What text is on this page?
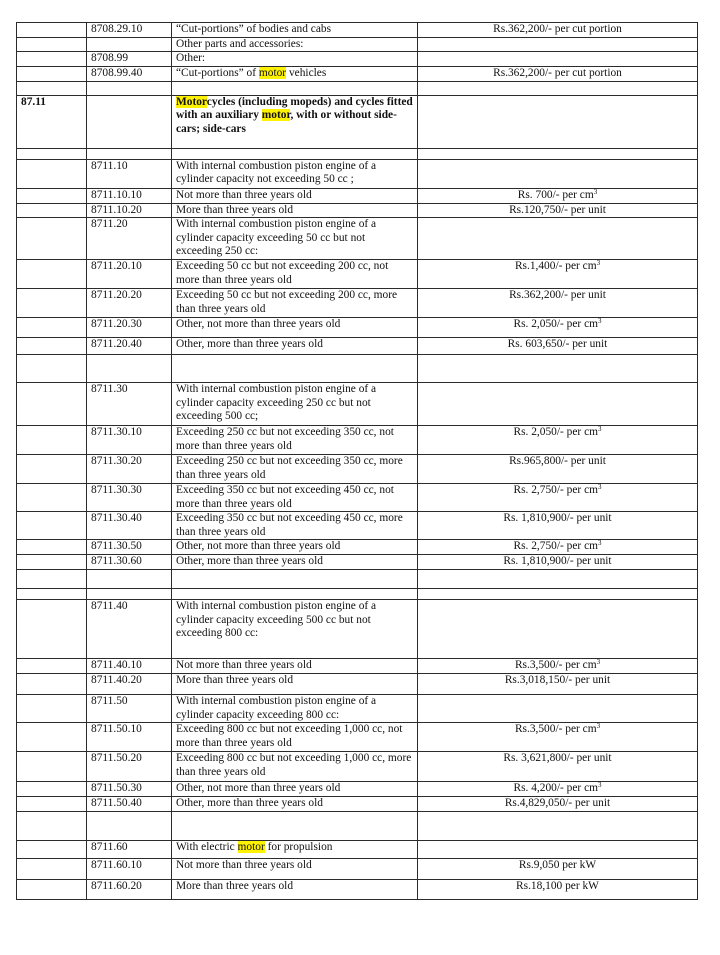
	8708.29.10	“Cut-portions” of bodies and cabs	Rs.362,200/- per cut portion
		Other parts and accessories:	
	8708.99	Other:	
	8708.99.40	“Cut-portions” of motor vehicles	Rs.362,200/- per cut portion

87.11		Motorcycles (including mopeds) and cycles fitted with an auxiliary motor, with or without side-cars; side-cars	

	8711.10	With internal combustion piston engine of a cylinder capacity not exceeding 50 cc ;	
	8711.10.10	Not more than three years old	Rs. 700/- per $cm^3$
	8711.10.20	More than three years old	Rs.120,750/- per unit
	8711.20	With internal combustion piston engine of a cylinder capacity exceeding 50 cc but not exceeding 250 cc:	
	8711.20.10	Exceeding 50 cc but not exceeding 200 cc, not more than three years old	Rs.1,400/- per $cm^3$
	8711.20.20	Exceeding 50 cc but not exceeding 200 cc, more than three years old	Rs.362,200/- per unit
	8711.20.30	Other, not more than three years old	Rs. 2,050/- per $cm^3$
	8711.20.40	Other, more than three years old	Rs. 603,650/- per unit

	8711.30	With internal combustion piston engine of a cylinder capacity exceeding 250 cc but not exceeding 500 cc;	
	8711.30.10	Exceeding 250 cc but not exceeding 350 cc, not more than three years old	Rs. 2,050/- per $cm^3$
	8711.30.20	Exceeding 250 cc but not exceeding 350 cc, more than three years old	Rs.965,800/- per unit
	8711.30.30	Exceeding 350 cc but not exceeding 450 cc, not more than three years old	Rs. 2,750/- per $cm^3$
	8711.30.40	Exceeding 350 cc but not exceeding 450 cc, more than three years old	Rs. 1,810,900/- per unit
	8711.30.50	Other, not more than three years old	Rs. 2,750/- per $cm^3$
	8711.30.60	Other, more than three years old	Rs. 1,810,900/- per unit

	8711.40	With internal combustion piston engine of a cylinder capacity exceeding 500 cc but not exceeding 800 cc:	
	8711.40.10	Not more than three years old	Rs.3,500/- per $cm^3$
	8711.40.20	More than three years old	Rs.3,018,150/- per unit
	8711.50	With internal combustion piston engine of a cylinder capacity exceeding 800 cc:	
	8711.50.10	Exceeding 800 cc but not exceeding 1,000 cc, not more than three years old	Rs.3,500/- per $cm^3$
	8711.50.20	Exceeding 800 cc but not exceeding 1,000 cc, more than three years old	Rs. 3,621,800/- per unit
	8711.50.30	Other, not more than three years old	Rs. 4,200/- per $cm^3$
	8711.50.40	Other, more than three years old	Rs.4,829,050/- per unit

	8711.60	With electric motor for propulsion	
	8711.60.10	Not more than three years old	Rs.9,050 per kW
	8711.60.20	More than three years old	Rs.18,100 per kW
